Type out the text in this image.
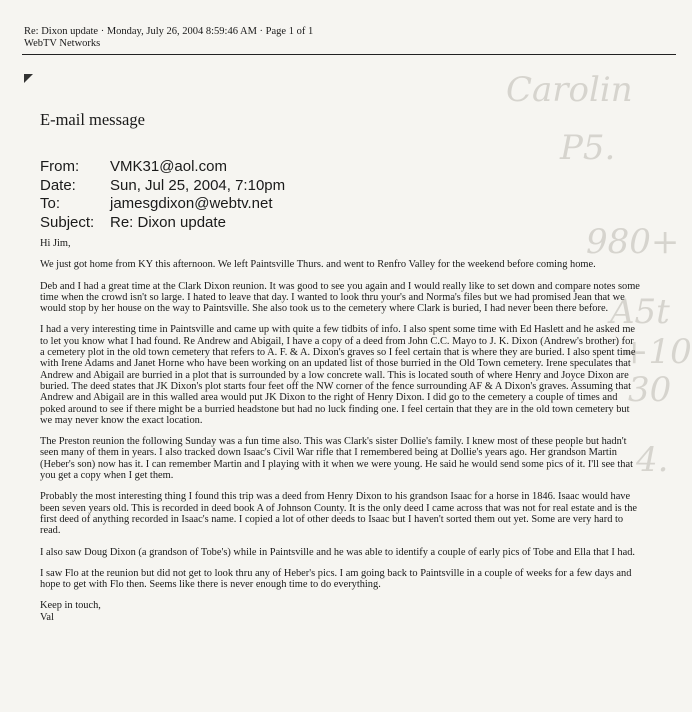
Re: Dixon update · Monday, July 26, 2004 8:59:46 AM · Page 1 of 1
WebTV Networks
Carolin
P5.
980+
A5t
+10
30
4.
E-mail message
From:	VMK31@aol.com
Date:	Sun, Jul 25, 2004, 7:10pm
To:	jamesgdixon@webtv.net
Subject:	Re: Dixon update

Hi Jim,

We just got home from KY this afternoon. We left Paintsville Thurs. and went to Renfro Valley for the weekend before coming home.

Deb and I had a great time at the Clark Dixon reunion. It was good to see you again and I would really like to set down and compare notes some time when the crowd isn't so large. I hated to leave that day. I wanted to look thru your's and Norma's files but we had promised Jean that we would stop by her house on the way to Paintsville. She also took us to the cemetery where Clark is buried, I had never been there before.

I had a very interesting time in Paintsville and came up with quite a few tidbits of info. I also spent some time with Ed Haslett and he asked me to let you know what I had found. Re Andrew and Abigail, I have a copy of a deed from John C.C. Mayo to J. K. Dixon (Andrew's brother) for a cemetery plot in the old town cemetery that refers to A. F. & A. Dixon's graves so I feel certain that is where they are buried. I also spent time with Irene Adams and Janet Horne who have been working on an updated list of those burried in the Old Town cemetery. Irene speculates that Andrew and Abigail are burried in a plot that is surrounded by a low concrete wall. This is located south of where Henry and Joyce Dixon are buried. The deed states that JK Dixon's plot starts four feet off the NW corner of the fence surrounding AF & A Dixon's graves. Assuming that Andrew and Abigail are in this walled area would put JK Dixon to the right of Henry Dixon. I did go to the cemetery a couple of times and poked around to see if there might be a burried headstone but had no luck finding one. I feel certain that they are in the old town cemetery but we may never know the exact location.

The Preston reunion the following Sunday was a fun time also. This was Clark's sister Dollie's family. I knew most of these people but hadn't seen many of them in years. I also tracked down Isaac's Civil War rifle that I remembered being at Dollie's years ago. Her grandson Martin (Heber's son) now has it. I can remember Martin and I playing with it when we were young. He said he would send some pics of it. I'll see that you get a copy when I get them.

Probably the most interesting thing I found this trip was a deed from Henry Dixon to his grandson Isaac for a horse in 1846. Isaac would have been seven years old. This is recorded in deed book A of Johnson County. It is the only deed I came across that was not for real estate and is the first deed of anything recorded in Isaac's name. I copied a lot of other deeds to Isaac but I haven't sorted them out yet. Some are very hard to read.

I also saw Doug Dixon (a grandson of Tobe's) while in Paintsville and he was able to identify a couple of early pics of Tobe and Ella that I had.

I saw Flo at the reunion but did not get to look thru any of Heber's pics. I am going back to Paintsville in a couple of weeks for a few days and hope to get with Flo then. Seems like there is never enough time to do everything.

Keep in touch,

Val
